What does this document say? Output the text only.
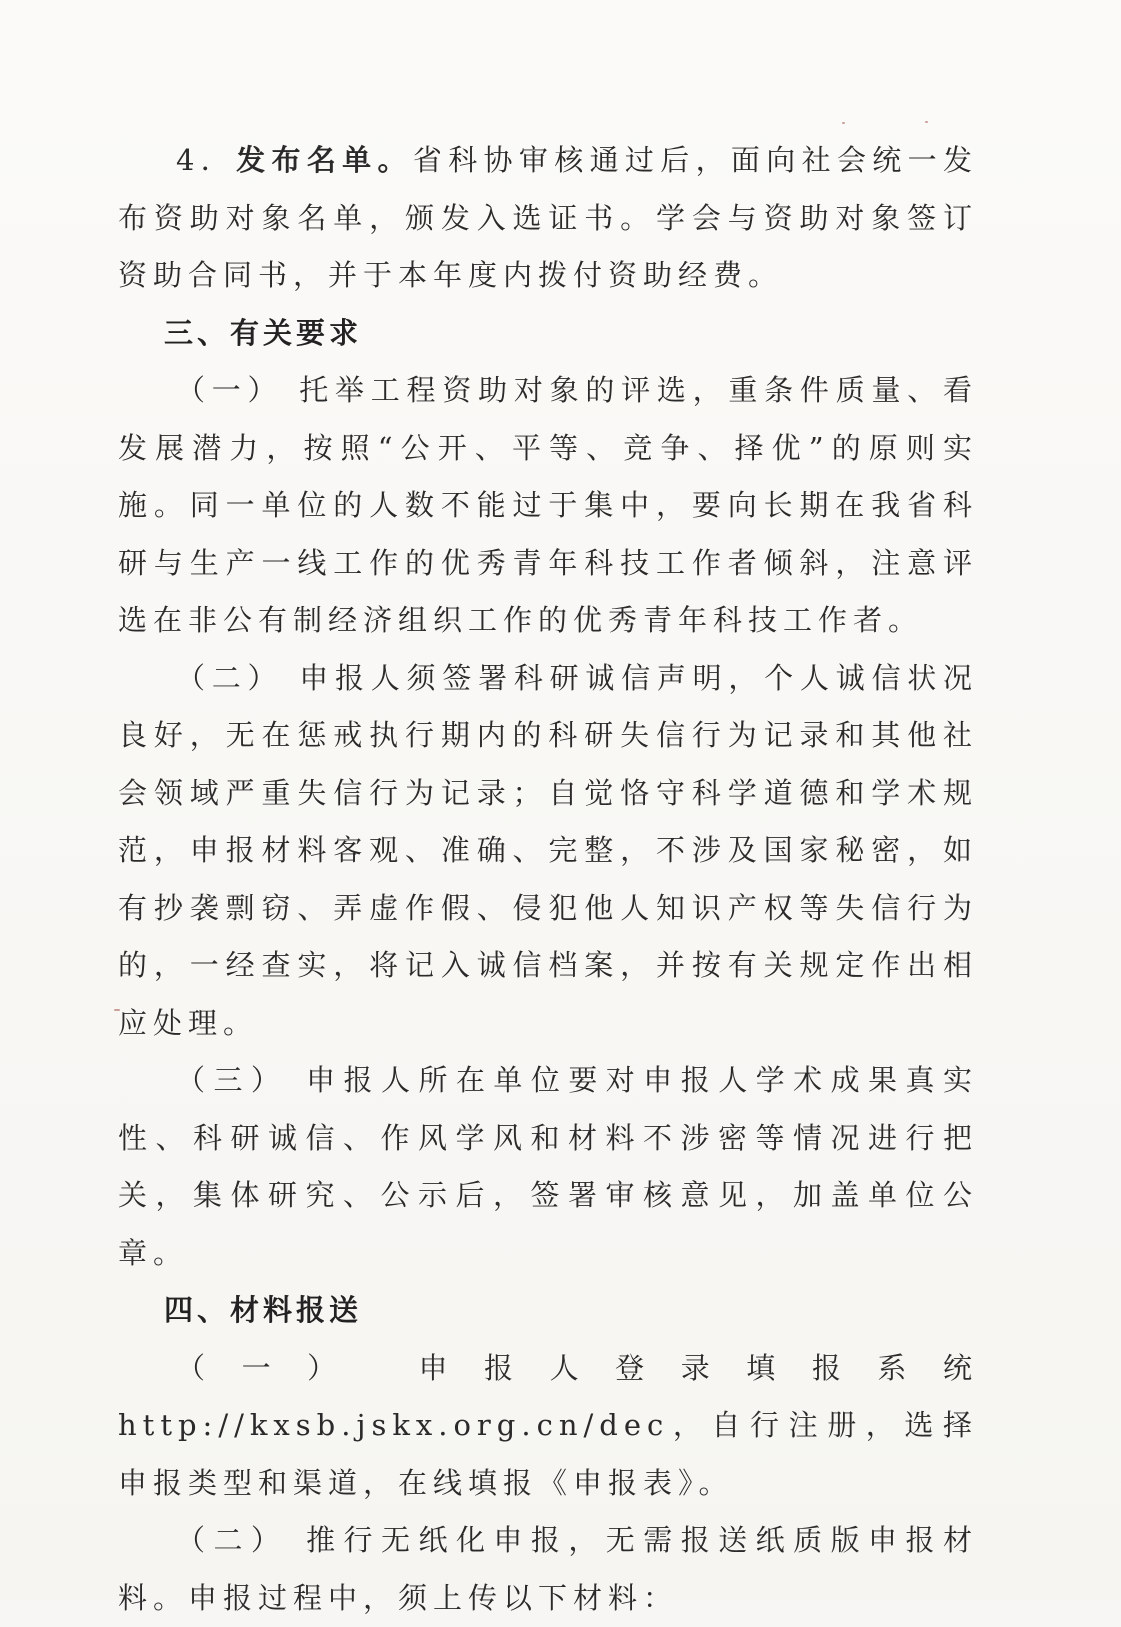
4．发布名单。省科协审核通过后，面向社会统一发布资助对象名单，颁发入选证书。学会与资助对象签订资助合同书，并于本年度内拨付资助经费。

三、有关要求

（一） 托举工程资助对象的评选，重条件质量、看发展潜力，按照“公开、平等、竞争、择优”的原则实施。同一单位的人数不能过于集中，要向长期在我省科研与生产一线工作的优秀青年科技工作者倾斜，注意评选在非公有制经济组织工作的优秀青年科技工作者。

（二） 申报人须签署科研诚信声明，个人诚信状况良好，无在惩戒执行期内的科研失信行为记录和其他社会领域严重失信行为记录；自觉恪守科学道德和学术规范，申报材料客观、准确、完整，不涉及国家秘密，如有抄袭剽窃、弄虚作假、侵犯他人知识产权等失信行为的，一经查实，将记入诚信档案，并按有关规定作出相应处理。

（三） 申报人所在单位要对申报人学术成果真实性、科研诚信、作风学风和材料不涉密等情况进行把关，集体研究、公示后，签署审核意见，加盖单位公章。

四、材料报送

（一） 申报人登录填报系统 http://kxsb.jskx.org.cn/dec，自行注册，选择申报类型和渠道，在线填报《申报表》。

（二） 推行无纸化申报，无需报送纸质版申报材料。申报过程中，须上传以下材料：
